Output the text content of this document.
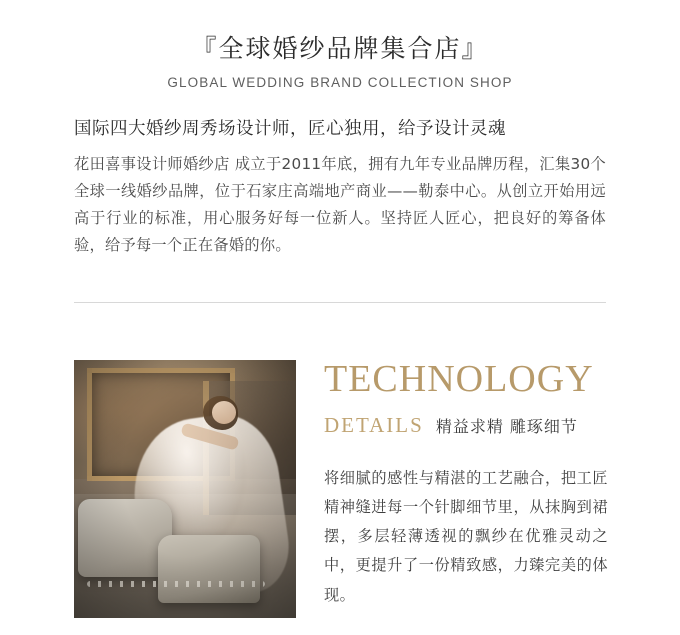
『全球婚纱品牌集合店』
GLOBAL WEDDING BRAND COLLECTION SHOP
国际四大婚纱周秀场设计师，匠心独用，给予设计灵魂
花田喜事设计师婚纱店 成立于2011年底，拥有九年专业品牌历程，汇集30个全球一线婚纱品牌，位于石家庄高端地产商业——勒泰中心。从创立开始用远高于行业的标准，用心服务好每一位新人。坚持匠人匠心，把良好的筹备体验，给予每一个正在备婚的你。
TECHNOLOGY
DETAILS 精益求精 雕琢细节
将细腻的感性与精湛的工艺融合，把工匠精神缝进每一个针脚细节里，从抹胸到裙摆，多层轻薄透视的飘纱在优雅灵动之中，更提升了一份精致感，力臻完美的体现。
